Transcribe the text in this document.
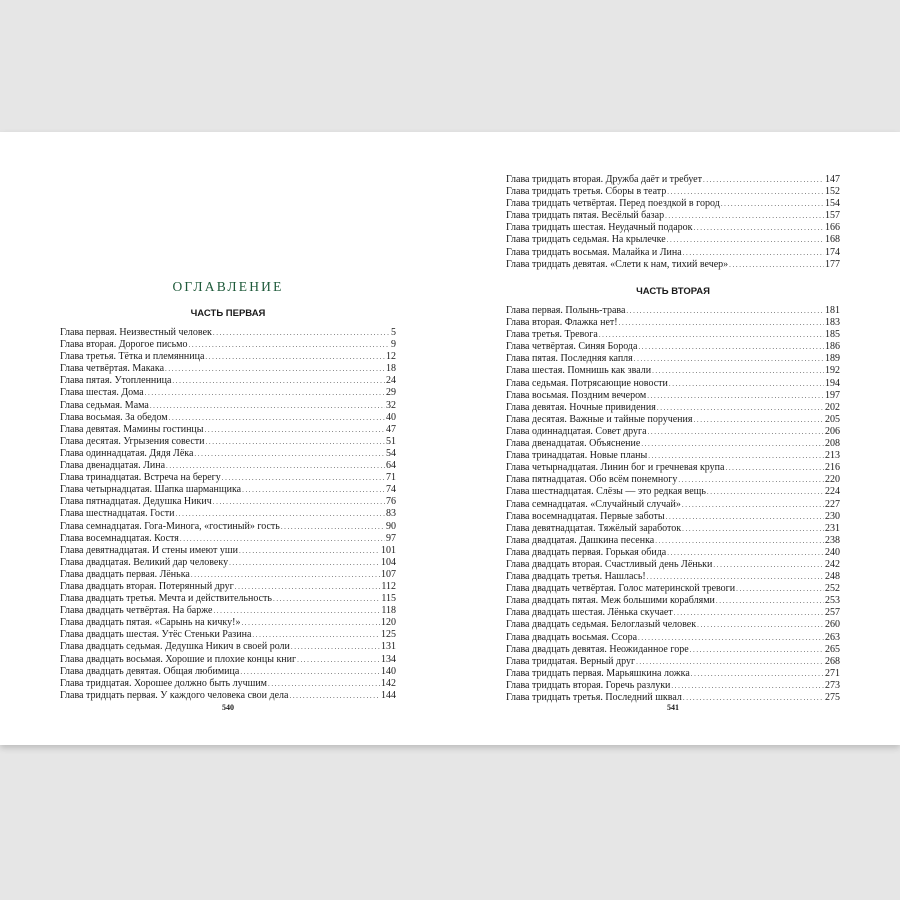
ОГЛАВЛЕНИЕ
ЧАСТЬ ПЕРВАЯ
Глава первая. Неизвестный человек .....	5
Глава вторая. Дорогое письмо .....	9
Глава третья. Тётка и племянница .....	12
Глава четвёртая. Макака .....	18
Глава пятая. Утопленница .....	24
Глава шестая. Дома .....	29
Глава седьмая. Мама .....	32
Глава восьмая. За обедом .....	40
Глава девятая. Мамины гостинцы .....	47
Глава десятая. Угрызения совести .....	51
Глава одиннадцатая. Дядя Лёка .....	54
Глава двенадцатая. Лина .....	64
Глава тринадцатая. Встреча на берегу .....	71
Глава четырнадцатая. Шапка шарманщика .....	74
Глава пятнадцатая. Дедушка Никич .....	76
Глава шестнадцатая. Гости .....	83
Глава семнадцатая. Гога-Минога, «гостиный» гость .....	90
Глава восемнадцатая. Костя .....	97
Глава девятнадцатая. И стены имеют уши .....	101
Глава двадцатая. Великий дар человеку .....	104
Глава двадцать первая. Лёнька .....	107
Глава двадцать вторая. Потерянный друг .....	112
Глава двадцать третья. Мечта и действительность .....	115
Глава двадцать четвёртая. На барже .....	118
Глава двадцать пятая. «Сарынь на кичку!» .....	120
Глава двадцать шестая. Утёс Стеньки Разина .....	125
Глава двадцать седьмая. Дедушка Никич в своей роли .....	131
Глава двадцать восьмая. Хорошие и плохие концы книг .....	134
Глава двадцать девятая. Общая любимица .....	140
Глава тридцатая. Хорошее должно быть лучшим .....	142
Глава тридцать первая. У каждого человека свои дела .....	144
540
Глава тридцать вторая. Дружба даёт и требует .....	147
Глава тридцать третья. Сборы в театр .....	152
Глава тридцать четвёртая. Перед поездкой в город .....	154
Глава тридцать пятая. Весёлый базар .....	157
Глава тридцать шестая. Неудачный подарок .....	166
Глава тридцать седьмая. На крылечке .....	168
Глава тридцать восьмая. Малайка и Лина .....	174
Глава тридцать девятая. «Слети к нам, тихий вечер» .....	177
ЧАСТЬ ВТОРАЯ
Глава первая. Полынь-трава .....	181
Глава вторая. Флажка нет! .....	183
Глава третья. Тревога .....	185
Глава четвёртая. Синяя Борода .....	186
Глава пятая. Последняя капля .....	189
Глава шестая. Помнишь как звали .....	192
Глава седьмая. Потрясающие новости .....	194
Глава восьмая. Поздним вечером .....	197
Глава девятая. Ночные привидения .....	202
Глава десятая. Важные и тайные поручения .....	205
Глава одиннадцатая. Совет друга .....	206
Глава двенадцатая. Объяснение .....	208
Глава тринадцатая. Новые планы .....	213
Глава четырнадцатая. Линин бог и гречневая крупа .....	216
Глава пятнадцатая. Обо всём понемногу .....	220
Глава шестнадцатая. Слёзы — это редкая вещь .....	224
Глава семнадцатая. «Случайный случай» .....	227
Глава восемнадцатая. Первые заботы .....	230
Глава девятнадцатая. Тяжёлый заработок .....	231
Глава двадцатая. Дашкина песенка .....	238
Глава двадцать первая. Горькая обида .....	240
Глава двадцать вторая. Счастливый день Лёньки .....	242
Глава двадцать третья. Нашлась! .....	248
Глава двадцать четвёртая. Голос материнской тревоги .....	252
Глава двадцать пятая. Меж большими кораблями .....	253
Глава двадцать шестая. Лёнька скучает .....	257
Глава двадцать седьмая. Белоглазый человек .....	260
Глава двадцать восьмая. Ссора .....	263
Глава двадцать девятая. Неожиданное горе .....	265
Глава тридцатая. Верный друг .....	268
Глава тридцать первая. Марьяшкина ложка .....	271
Глава тридцать вторая. Горечь разлуки .....	273
Глава тридцать третья. Последний шквал .....	275
541
